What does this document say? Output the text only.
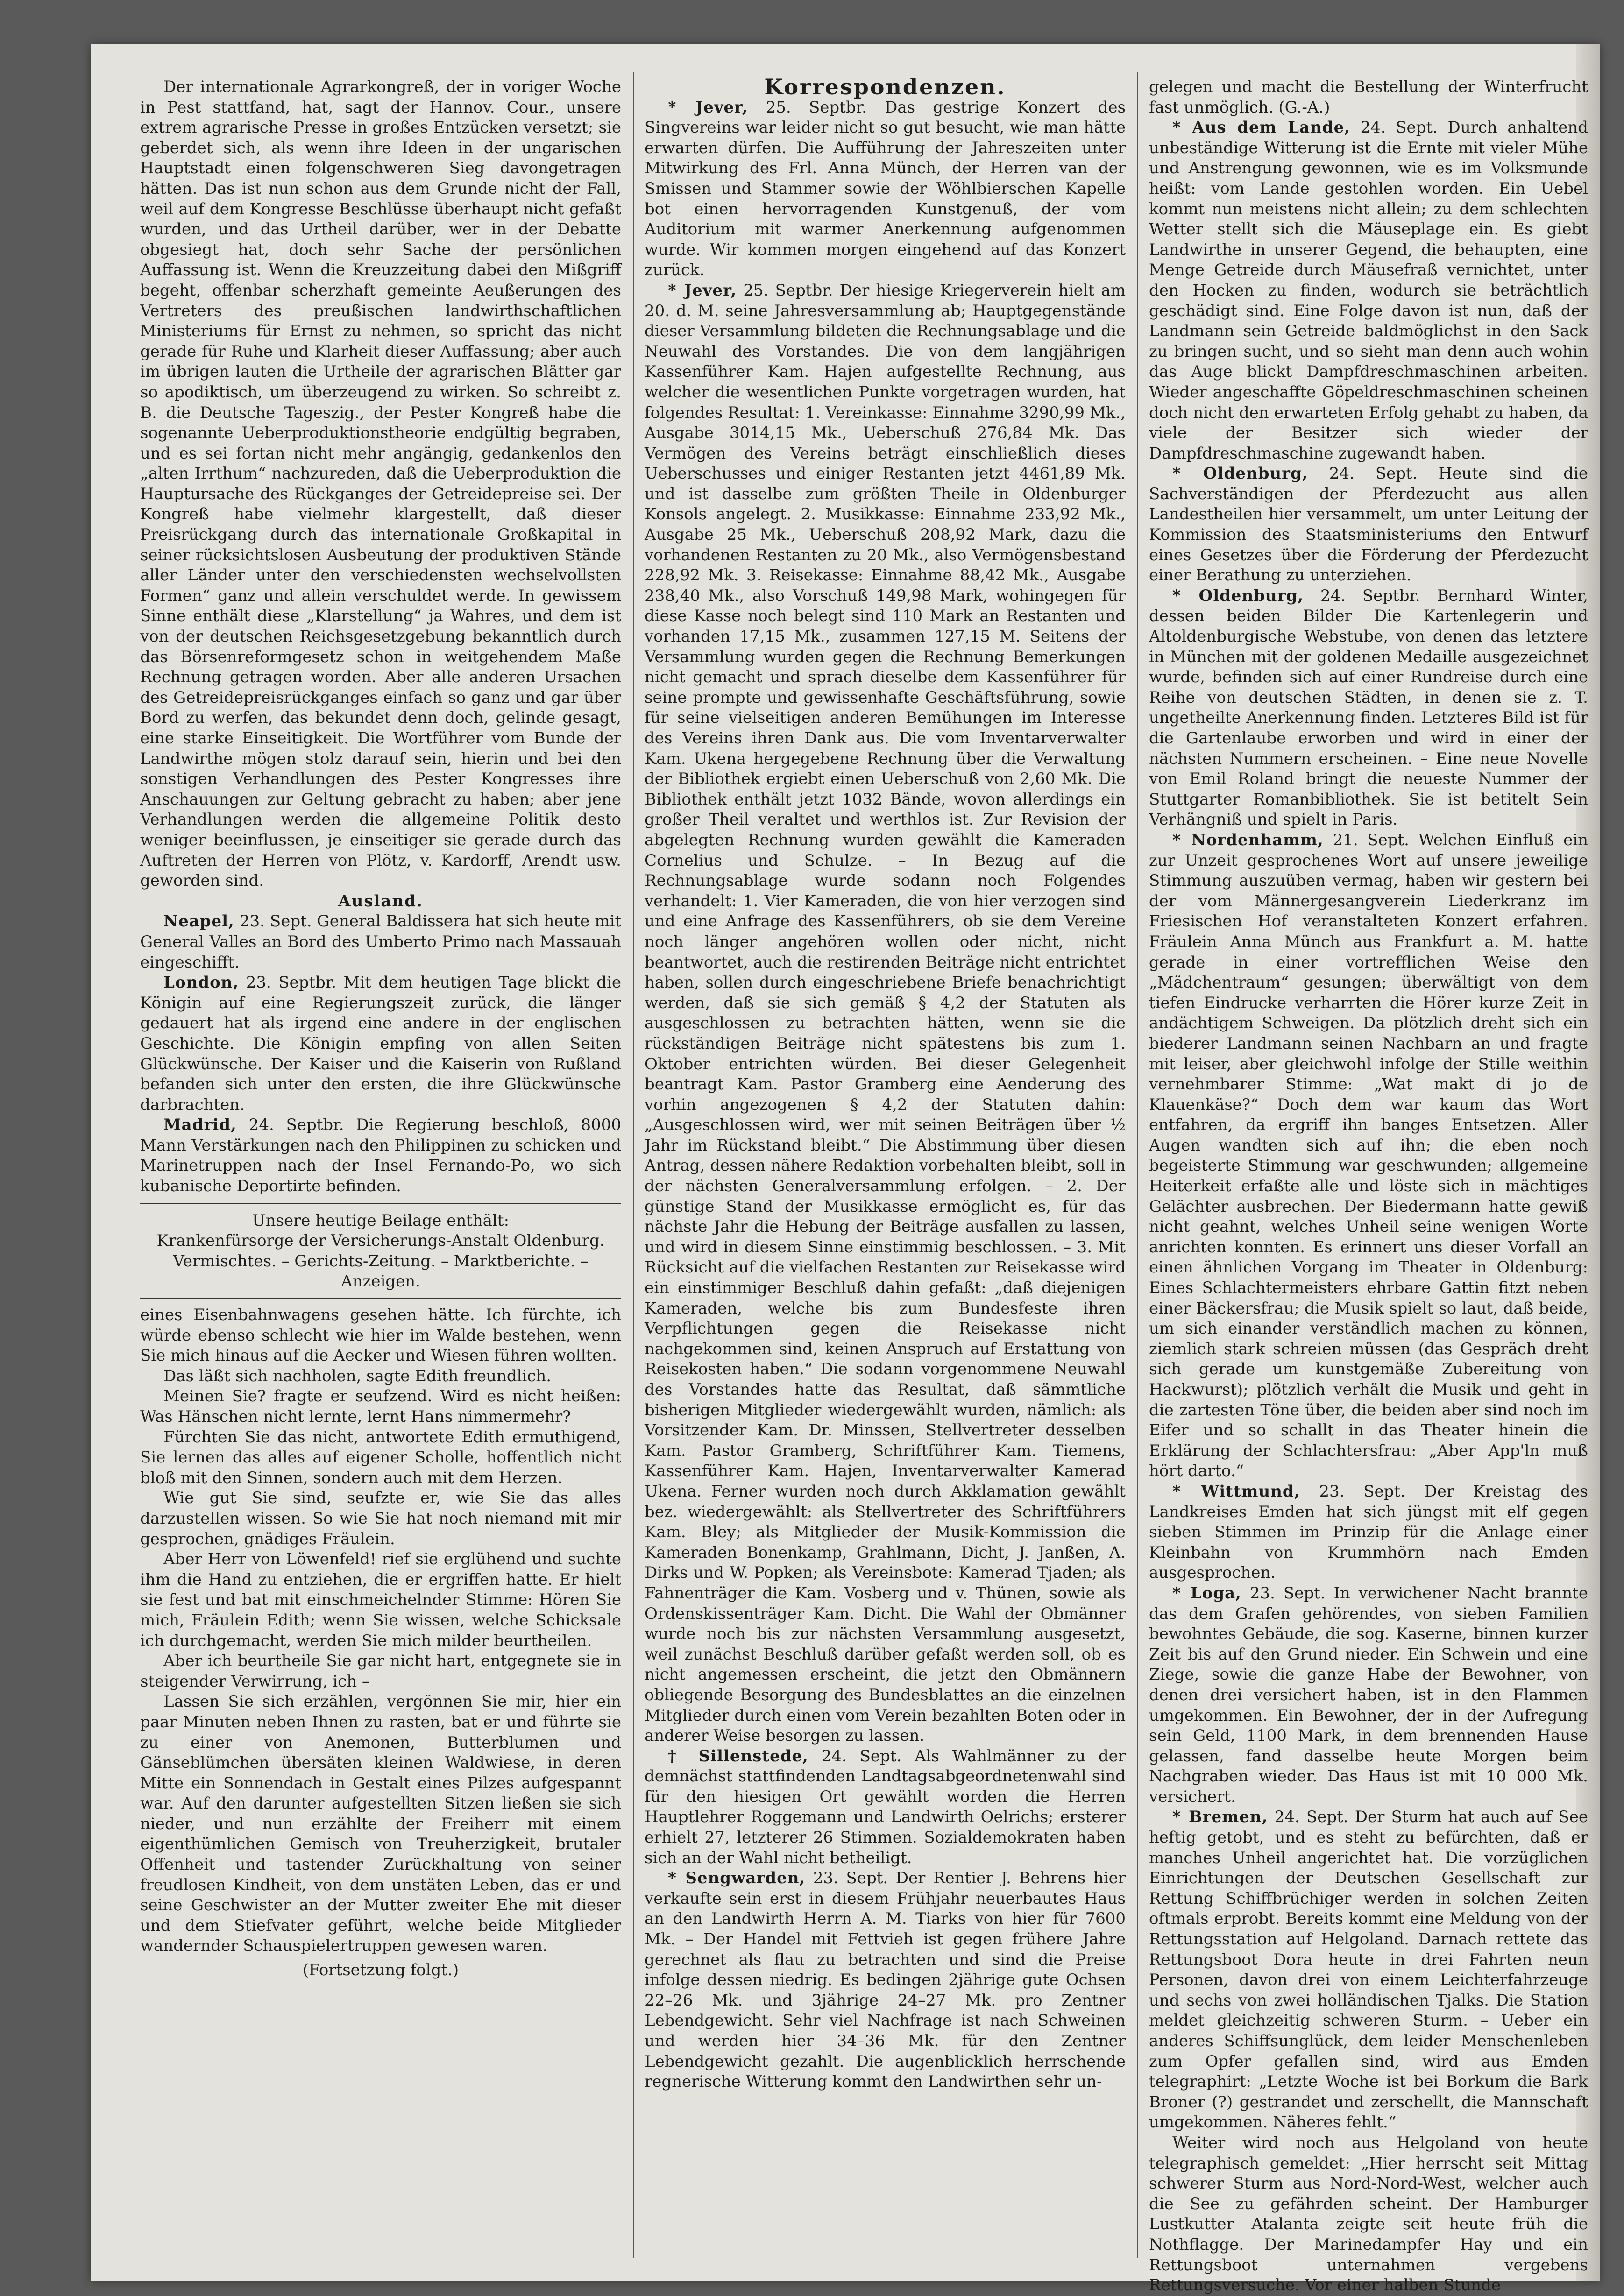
Der internationale Agrarkongreß, der in voriger Woche in Pest stattfand, hat, sagt der Hannov. Cour., unsere extrem agrarische Presse in großes Entzücken versetzt; sie geberdet sich, als wenn ihre Ideen in der ungarischen Hauptstadt einen folgenschweren Sieg davongetragen hätten. Das ist nun schon aus dem Grunde nicht der Fall, weil auf dem Kongresse Beschlüsse überhaupt nicht gefaßt wurden, und das Urtheil darüber, wer in der Debatte obgesiegt hat, doch sehr Sache der persönlichen Auffassung ist. Wenn die Kreuzzeitung dabei den Mißgriff begeht, offenbar scherzhaft gemeinte Aeußerungen des Vertreters des preußischen landwirthschaftlichen Ministeriums für Ernst zu nehmen, so spricht das nicht gerade für Ruhe und Klarheit dieser Auffassung; aber auch im übrigen lauten die Urtheile der agrarischen Blätter gar so apodiktisch, um überzeugend zu wirken. So schreibt z. B. die Deutsche Tageszig., der Pester Kongreß habe die sogenannte Ueberproduktionstheorie endgültig begraben, und es sei fortan nicht mehr angängig, gedankenlos den „alten Irrthum“ nachzureden, daß die Ueberproduktion die Hauptursache des Rückganges der Getreidepreise sei. Der Kongreß habe vielmehr klargestellt, daß dieser Preisrückgang durch das internationale Großkapital in seiner rücksichtslosen Ausbeutung der produktiven Stände aller Länder unter den verschiedensten wechselvollsten Formen“ ganz und allein verschuldet werde. In gewissem Sinne enthält diese „Klarstellung“ ja Wahres, und dem ist von der deutschen Reichsgesetzgebung bekanntlich durch das Börsenreformgesetz schon in weitgehendem Maße Rechnung getragen worden. Aber alle anderen Ursachen des Getreidepreisrückganges einfach so ganz und gar über Bord zu werfen, das bekundet denn doch, gelinde gesagt, eine starke Einseitigkeit. Die Wortführer vom Bunde der Landwirthe mögen stolz darauf sein, hierin und bei den sonstigen Verhandlungen des Pester Kongresses ihre Anschauungen zur Geltung gebracht zu haben; aber jene Verhandlungen werden die allgemeine Politik desto weniger beeinflussen, je einseitiger sie gerade durch das Auftreten der Herren von Plötz, v. Kardorff, Arendt usw. geworden sind.

Ausland.

Neapel, 23. Sept. General Baldissera hat sich heute mit General Valles an Bord des Umberto Primo nach Massauah eingeschifft.

London, 23. Septbr. Mit dem heutigen Tage blickt die Königin auf eine Regierungszeit zurück, die länger gedauert hat als irgend eine andere in der englischen Geschichte. Die Königin empfing von allen Seiten Glückwünsche. Der Kaiser und die Kaiserin von Rußland befanden sich unter den ersten, die ihre Glückwünsche darbrachten.

Madrid, 24. Septbr. Die Regierung beschloß, 8000 Mann Verstärkungen nach den Philippinen zu schicken und Marinetruppen nach der Insel Fernando-Po, wo sich kubanische Deportirte befinden.

Unsere heutige Beilage enthält:

Krankenfürsorge der Versicherungs-Anstalt Oldenburg. Vermischtes. – Gerichts-Zeitung. – Marktberichte. – Anzeigen.

eines Eisenbahnwagens gesehen hätte. Ich fürchte, ich würde ebenso schlecht wie hier im Walde bestehen, wenn Sie mich hinaus auf die Aecker und Wiesen führen wollten.

Das läßt sich nachholen, sagte Edith freundlich.

Meinen Sie? fragte er seufzend. Wird es nicht heißen: Was Hänschen nicht lernte, lernt Hans nimmermehr?

Fürchten Sie das nicht, antwortete Edith ermuthigend, Sie lernen das alles auf eigener Scholle, hoffentlich nicht bloß mit den Sinnen, sondern auch mit dem Herzen.

Wie gut Sie sind, seufzte er, wie Sie das alles darzustellen wissen. So wie Sie hat noch niemand mit mir gesprochen, gnädiges Fräulein.

Aber Herr von Löwenfeld! rief sie erglühend und suchte ihm die Hand zu entziehen, die er ergriffen hatte. Er hielt sie fest und bat mit einschmeichelnder Stimme: Hören Sie mich, Fräulein Edith; wenn Sie wissen, welche Schicksale ich durchgemacht, werden Sie mich milder beurtheilen.

Aber ich beurtheile Sie gar nicht hart, entgegnete sie in steigender Verwirrung, ich –

Lassen Sie sich erzählen, vergönnen Sie mir, hier ein paar Minuten neben Ihnen zu rasten, bat er und führte sie zu einer von Anemonen, Butterblumen und Gänseblümchen übersäten kleinen Waldwiese, in deren Mitte ein Sonnendach in Gestalt eines Pilzes aufgespannt war. Auf den darunter aufgestellten Sitzen ließen sie sich nieder, und nun erzählte der Freiherr mit einem eigenthümlichen Gemisch von Treuherzigkeit, brutaler Offenheit und tastender Zurückhaltung von seiner freudlosen Kindheit, von dem unstäten Leben, das er und seine Geschwister an der Mutter zweiter Ehe mit dieser und dem Stiefvater geführt, welche beide Mitglieder wandernder Schauspielertruppen gewesen waren.

(Fortsetzung folgt.)

Korrespondenzen.

* Jever, 25. Septbr. Das gestrige Konzert des Singvereins war leider nicht so gut besucht, wie man hätte erwarten dürfen. Die Aufführung der Jahreszeiten unter Mitwirkung des Frl. Anna Münch, der Herren van der Smissen und Stammer sowie der Wöhlbierschen Kapelle bot einen hervorragenden Kunstgenuß, der vom Auditorium mit warmer Anerkennung aufgenommen wurde. Wir kommen morgen eingehend auf das Konzert zurück.

* Jever, 25. Septbr. Der hiesige Kriegerverein hielt am 20. d. M. seine Jahresversammlung ab; Hauptgegenstände dieser Versammlung bildeten die Rechnungsablage und die Neuwahl des Vorstandes. Die von dem langjährigen Kassenführer Kam. Hajen aufgestellte Rechnung, aus welcher die wesentlichen Punkte vorgetragen wurden, hat folgendes Resultat: 1. Vereinkasse: Einnahme 3290,99 Mk., Ausgabe 3014,15 Mk., Ueberschuß 276,84 Mk. Das Vermögen des Vereins beträgt einschließlich dieses Ueberschusses und einiger Restanten jetzt 4461,89 Mk. und ist dasselbe zum größten Theile in Oldenburger Konsols angelegt. 2. Musikkasse: Einnahme 233,92 Mk., Ausgabe 25 Mk., Ueberschuß 208,92 Mark, dazu die vorhandenen Restanten zu 20 Mk., also Vermögensbestand 228,92 Mk. 3. Reisekasse: Einnahme 88,42 Mk., Ausgabe 238,40 Mk., also Vorschuß 149,98 Mark, wohingegen für diese Kasse noch belegt sind 110 Mark an Restanten und vorhanden 17,15 Mk., zusammen 127,15 M. Seitens der Versammlung wurden gegen die Rechnung Bemerkungen nicht gemacht und sprach dieselbe dem Kassenführer für seine prompte und gewissenhafte Geschäftsführung, sowie für seine vielseitigen anderen Bemühungen im Interesse des Vereins ihren Dank aus. Die vom Inventarverwalter Kam. Ukena hergegebene Rechnung über die Verwaltung der Bibliothek ergiebt einen Ueberschuß von 2,60 Mk. Die Bibliothek enthält jetzt 1032 Bände, wovon allerdings ein großer Theil veraltet und werthlos ist. Zur Revision der abgelegten Rechnung wurden gewählt die Kameraden Cornelius und Schulze. – In Bezug auf die Rechnungsablage wurde sodann noch Folgendes verhandelt: 1. Vier Kameraden, die von hier verzogen sind und eine Anfrage des Kassenführers, ob sie dem Vereine noch länger angehören wollen oder nicht, nicht beantwortet, auch die restirenden Beiträge nicht entrichtet haben, sollen durch eingeschriebene Briefe benachrichtigt werden, daß sie sich gemäß § 4,2 der Statuten als ausgeschlossen zu betrachten hätten, wenn sie die rückständigen Beiträge nicht spätestens bis zum 1. Oktober entrichten würden. Bei dieser Gelegenheit beantragt Kam. Pastor Gramberg eine Aenderung des vorhin angezogenen § 4,2 der Statuten dahin: „Ausgeschlossen wird, wer mit seinen Beiträgen über ½ Jahr im Rückstand bleibt.“ Die Abstimmung über diesen Antrag, dessen nähere Redaktion vorbehalten bleibt, soll in der nächsten Generalversammlung erfolgen. – 2. Der günstige Stand der Musikkasse ermöglicht es, für das nächste Jahr die Hebung der Beiträge ausfallen zu lassen, und wird in diesem Sinne einstimmig beschlossen. – 3. Mit Rücksicht auf die vielfachen Restanten zur Reisekasse wird ein einstimmiger Beschluß dahin gefaßt: „daß diejenigen Kameraden, welche bis zum Bundesfeste ihren Verpflichtungen gegen die Reisekasse nicht nachgekommen sind, keinen Anspruch auf Erstattung von Reisekosten haben.“ Die sodann vorgenommene Neuwahl des Vorstandes hatte das Resultat, daß sämmtliche bisherigen Mitglieder wiedergewählt wurden, nämlich: als Vorsitzender Kam. Dr. Minssen, Stellvertreter desselben Kam. Pastor Gramberg, Schriftführer Kam. Tiemens, Kassenführer Kam. Hajen, Inventarverwalter Kamerad Ukena. Ferner wurden noch durch Akklamation gewählt bez. wiedergewählt: als Stellvertreter des Schriftführers Kam. Bley; als Mitglieder der Musik-Kommission die Kameraden Bonenkamp, Grahlmann, Dicht, J. Janßen, A. Dirks und W. Popken; als Vereinsbote: Kamerad Tjaden; als Fahnenträger die Kam. Vosberg und v. Thünen, sowie als Ordenskissenträger Kam. Dicht. Die Wahl der Obmänner wurde noch bis zur nächsten Versammlung ausgesetzt, weil zunächst Beschluß darüber gefaßt werden soll, ob es nicht angemessen erscheint, die jetzt den Obmännern obliegende Besorgung des Bundesblattes an die einzelnen Mitglieder durch einen vom Verein bezahlten Boten oder in anderer Weise besorgen zu lassen.

† Sillenstede, 24. Sept. Als Wahlmänner zu der demnächst stattfindenden Landtagsabgeordnetenwahl sind für den hiesigen Ort gewählt worden die Herren Hauptlehrer Roggemann und Landwirth Oelrichs; ersterer erhielt 27, letzterer 26 Stimmen. Sozialdemokraten haben sich an der Wahl nicht betheiligt.

* Sengwarden, 23. Sept. Der Rentier J. Behrens hier verkaufte sein erst in diesem Frühjahr neuerbautes Haus an den Landwirth Herrn A. M. Tiarks von hier für 7600 Mk. – Der Handel mit Fettvieh ist gegen frühere Jahre gerechnet als flau zu betrachten und sind die Preise infolge dessen niedrig. Es bedingen 2jährige gute Ochsen 22–26 Mk. und 3jährige 24–27 Mk. pro Zentner Lebendgewicht. Sehr viel Nachfrage ist nach Schweinen und werden hier 34–36 Mk. für den Zentner Lebendgewicht gezahlt. Die augenblicklich herrschende regnerische Witterung kommt den Landwirthen sehr un-

gelegen und macht die Bestellung der Winterfrucht fast unmöglich. (G.-A.)

* Aus dem Lande, 24. Sept. Durch anhaltend unbeständige Witterung ist die Ernte mit vieler Mühe und Anstrengung gewonnen, wie es im Volksmunde heißt: vom Lande gestohlen worden. Ein Uebel kommt nun meistens nicht allein; zu dem schlechten Wetter stellt sich die Mäuseplage ein. Es giebt Landwirthe in unserer Gegend, die behaupten, eine Menge Getreide durch Mäusefraß vernichtet, unter den Hocken zu finden, wodurch sie beträchtlich geschädigt sind. Eine Folge davon ist nun, daß der Landmann sein Getreide baldmöglichst in den Sack zu bringen sucht, und so sieht man denn auch wohin das Auge blickt Dampfdreschmaschinen arbeiten. Wieder angeschaffte Göpeldreschmaschinen scheinen doch nicht den erwarteten Erfolg gehabt zu haben, da viele der Besitzer sich wieder der Dampfdreschmaschine zugewandt haben.

* Oldenburg, 24. Sept. Heute sind die Sachverständigen der Pferdezucht aus allen Landestheilen hier versammelt, um unter Leitung der Kommission des Staatsministeriums den Entwurf eines Gesetzes über die Förderung der Pferdezucht einer Berathung zu unterziehen.

* Oldenburg, 24. Septbr. Bernhard Winter, dessen beiden Bilder Die Kartenlegerin und Altoldenburgische Webstube, von denen das letztere in München mit der goldenen Medaille ausgezeichnet wurde, befinden sich auf einer Rundreise durch eine Reihe von deutschen Städten, in denen sie z. T. ungetheilte Anerkennung finden. Letzteres Bild ist für die Gartenlaube erworben und wird in einer der nächsten Nummern erscheinen. – Eine neue Novelle von Emil Roland bringt die neueste Nummer der Stuttgarter Romanbibliothek. Sie ist betitelt Sein Verhängniß und spielt in Paris.

* Nordenhamm, 21. Sept. Welchen Einfluß ein zur Unzeit gesprochenes Wort auf unsere jeweilige Stimmung auszuüben vermag, haben wir gestern bei der vom Männergesangverein Liederkranz im Friesischen Hof veranstalteten Konzert erfahren. Fräulein Anna Münch aus Frankfurt a. M. hatte gerade in einer vortrefflichen Weise den „Mädchentraum“ gesungen; überwältigt von dem tiefen Eindrucke verharrten die Hörer kurze Zeit in andächtigem Schweigen. Da plötzlich dreht sich ein biederer Landmann seinen Nachbarn an und fragte mit leiser, aber gleichwohl infolge der Stille weithin vernehmbarer Stimme: „Wat makt di jo de Klauenkäse?“ Doch dem war kaum das Wort entfahren, da ergriff ihn banges Entsetzen. Aller Augen wandten sich auf ihn; die eben noch begeisterte Stimmung war geschwunden; allgemeine Heiterkeit erfaßte alle und löste sich in mächtiges Gelächter ausbrechen. Der Biedermann hatte gewiß nicht geahnt, welches Unheil seine wenigen Worte anrichten konnten. Es erinnert uns dieser Vorfall an einen ähnlichen Vorgang im Theater in Oldenburg: Eines Schlachtermeisters ehrbare Gattin fitzt neben einer Bäckersfrau; die Musik spielt so laut, daß beide, um sich einander verständlich machen zu können, ziemlich stark schreien müssen (das Gespräch dreht sich gerade um kunstgemäße Zubereitung von Hackwurst); plötzlich verhält die Musik und geht in die zartesten Töne über, die beiden aber sind noch im Eifer und so schallt in das Theater hinein die Erklärung der Schlachtersfrau: „Aber App'ln muß hört darto.“

* Wittmund, 23. Sept. Der Kreistag des Landkreises Emden hat sich jüngst mit elf gegen sieben Stimmen im Prinzip für die Anlage einer Kleinbahn von Krummhörn nach Emden ausgesprochen.

* Loga, 23. Sept. In verwichener Nacht brannte das dem Grafen gehörendes, von sieben Familien bewohntes Gebäude, die sog. Kaserne, binnen kurzer Zeit bis auf den Grund nieder. Ein Schwein und eine Ziege, sowie die ganze Habe der Bewohner, von denen drei versichert haben, ist in den Flammen umgekommen. Ein Bewohner, der in der Aufregung sein Geld, 1100 Mark, in dem brennenden Hause gelassen, fand dasselbe heute Morgen beim Nachgraben wieder. Das Haus ist mit 10 000 Mk. versichert.

* Bremen, 24. Sept. Der Sturm hat auch auf See heftig getobt, und es steht zu befürchten, daß er manches Unheil angerichtet hat. Die vorzüglichen Einrichtungen der Deutschen Gesellschaft zur Rettung Schiffbrüchiger werden in solchen Zeiten oftmals erprobt. Bereits kommt eine Meldung von der Rettungsstation auf Helgoland. Darnach rettete das Rettungsboot Dora heute in drei Fahrten neun Personen, davon drei von einem Leichterfahrzeuge und sechs von zwei holländischen Tjalks. Die Station meldet gleichzeitig schweren Sturm. – Ueber ein anderes Schiffsunglück, dem leider Menschenleben zum Opfer gefallen sind, wird aus Emden telegraphirt: „Letzte Woche ist bei Borkum die Bark Broner (?) gestrandet und zerschellt, die Mannschaft umgekommen. Näheres fehlt.“

Weiter wird noch aus Helgoland von heute telegraphisch gemeldet: „Hier herrscht seit Mittag schwerer Sturm aus Nord-Nord-West, welcher auch die See zu gefährden scheint. Der Hamburger Lustkutter Atalanta zeigte seit heute früh die Nothflagge. Der Marinedampfer Hay und ein Rettungsboot unternahmen vergebens Rettungsversuche. Vor einer halben Stunde
